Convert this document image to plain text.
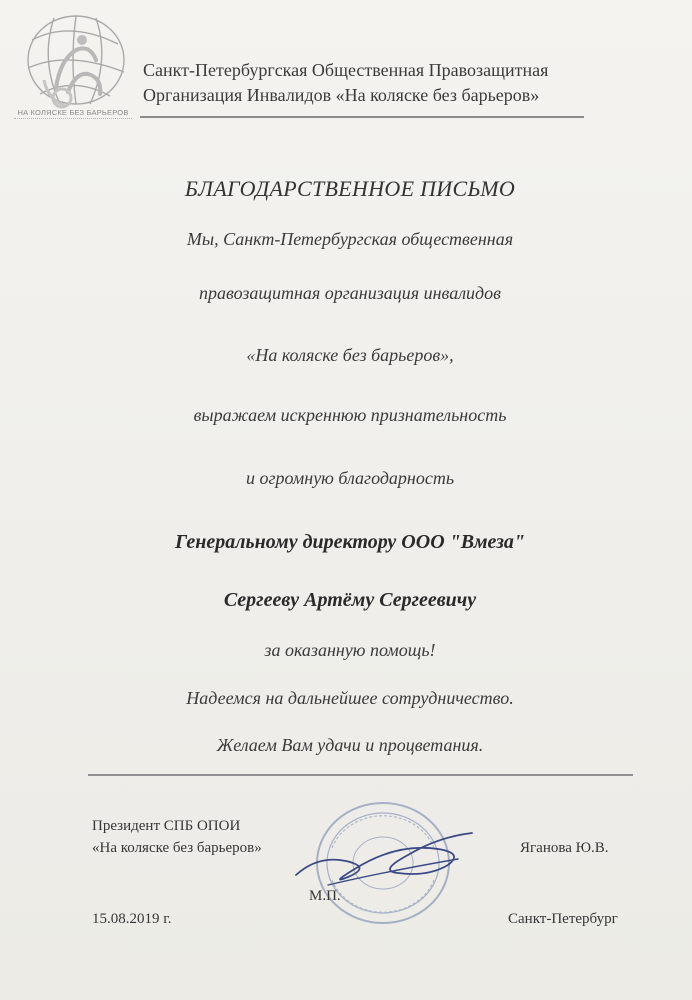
НА КОЛЯСКЕ БЕЗ БАРЬЕРОВ
Санкт-Петербургская Общественная Правозащитная
Организация Инвалидов «На коляске без барьеров»
БЛАГОДАРСТВЕННОЕ ПИСЬМО
Мы, Санкт-Петербургская общественная
правозащитная организация инвалидов
«На коляске без барьеров»,
выражаем искреннюю признательность
и огромную благодарность
Генеральному директору ООО "Вмеза"
Сергееву Артёму Сергеевичу
за оказанную помощь!
Надеемся на дальнейшее сотрудничество.
Желаем Вам удачи и процветания.
Президент СПБ ОПОИ
«На коляске без барьеров»	Яганова Ю.В.
М.П.
15.08.2019 г.	Санкт-Петербург
